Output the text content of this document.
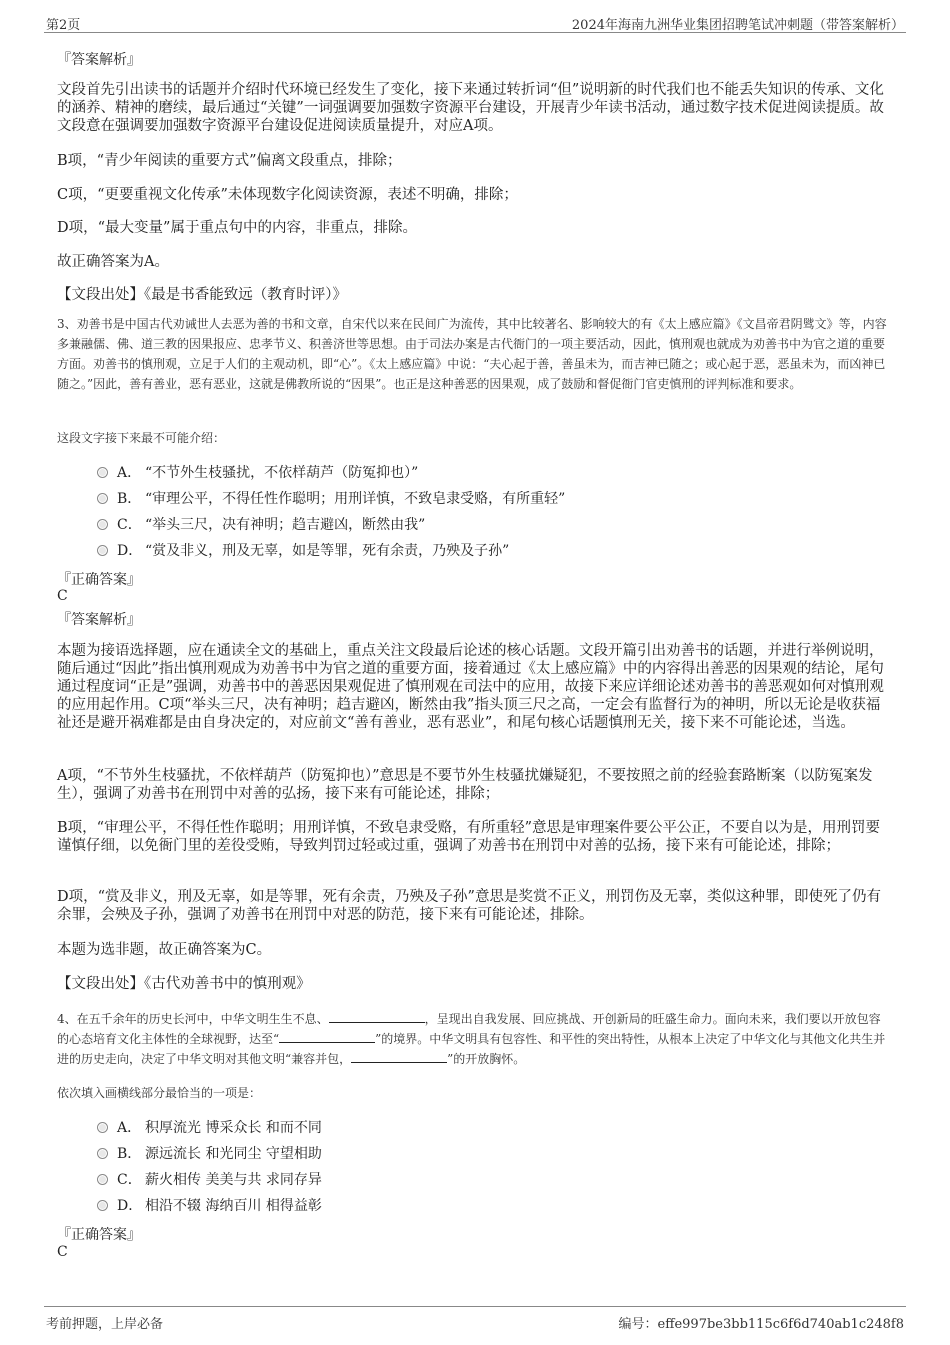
第2页	2024年海南九洲华业集团招聘笔试冲刺题（带答案解析）
『答案解析』
文段首先引出读书的话题并介绍时代环境已经发生了变化，接下来通过转折词“但”说明新的时代我们也不能丢失知识的传承、文化的涵养、精神的磨续，最后通过“关键”一词强调要加强数字资源平台建设，开展青少年读书活动，通过数字技术促进阅读提质。故文段意在强调要加强数字资源平台建设促进阅读质量提升，对应A项。
B项，“青少年阅读的重要方式”偏离文段重点，排除；
C项，“更要重视文化传承”未体现数字化阅读资源，表述不明确，排除；
D项，“最大变量”属于重点句中的内容，非重点，排除。
故正确答案为A。
【文段出处】《最是书香能致远（教育时评）》
3、劝善书是中国古代劝诫世人去恶为善的书和文章，自宋代以来在民间广为流传，其中比较著名、影响较大的有《太上感应篇》《文昌帝君阴骘文》等，内容多兼融儒、佛、道三教的因果报应、忠孝节义、积善济世等思想。由于司法办案是古代衙门的一项主要活动，因此，慎刑观也就成为劝善书中为官之道的重要方面。劝善书的慎刑观，立足于人们的主观动机，即“心”。《太上感应篇》中说：“夫心起于善，善虽未为，而吉神已随之；或心起于恶，恶虽未为，而凶神已随之。”因此，善有善业，恶有恶业，这就是佛教所说的“因果”。也正是这种善恶的因果观，成了鼓励和督促衙门官吏慎刑的评判标准和要求。
这段文字接下来最不可能介绍：
A． “不节外生枝骚扰，不依样葫芦（防冤抑也）”
B． “审理公平，不得任性作聪明；用刑详慎，不致皂隶受赂，有所重轻”
C． “举头三尺，决有神明；趋吉避凶，断然由我”
D． “赏及非义，刑及无辜，如是等罪，死有余责，乃殃及子孙”
『正确答案』
C
『答案解析』
本题为接语选择题，应在通读全文的基础上，重点关注文段最后论述的核心话题。文段开篇引出劝善书的话题，并进行举例说明，随后通过“因此”指出慎刑观成为劝善书中为官之道的重要方面，接着通过《太上感应篇》中的内容得出善恶的因果观的结论，尾句通过程度词“正是”强调，劝善书中的善恶因果观促进了慎刑观在司法中的应用，故接下来应详细论述劝善书的善恶观如何对慎刑观的应用起作用。C项“举头三尺，决有神明；趋吉避凶，断然由我”指头顶三尺之高，一定会有监督行为的神明，所以无论是收获福祉还是避开祸难都是由自身决定的，对应前文“善有善业，恶有恶业”，和尾句核心话题慎刑无关，接下来不可能论述，当选。
A项，“不节外生枝骚扰，不依样葫芦（防冤抑也）”意思是不要节外生枝骚扰嫌疑犯，不要按照之前的经验套路断案（以防冤案发生），强调了劝善书在刑罚中对善的弘扬，接下来有可能论述，排除；
B项，“审理公平，不得任性作聪明；用刑详慎，不致皂隶受赂，有所重轻”意思是审理案件要公平公正，不要自以为是，用刑罚要谨慎仔细，以免衙门里的差役受贿，导致判罚过轻或过重，强调了劝善书在刑罚中对善的弘扬，接下来有可能论述，排除；
D项，“赏及非义，刑及无辜，如是等罪，死有余责，乃殃及子孙”意思是奖赏不正义，刑罚伤及无辜，类似这种罪，即使死了仍有余罪，会殃及子孙，强调了劝善书在刑罚中对恶的防范，接下来有可能论述，排除。
本题为选非题，故正确答案为C。
【文段出处】《古代劝善书中的慎刑观》
4、在五千余年的历史长河中，中华文明生生不息、	，呈现出自我发展、回应挑战、开创新局的旺盛生命力。面向未来，我们要以开放包容的心态培育文化主体性的全球视野，达至“	”的境界。中华文明具有包容性、和平性的突出特性，从根本上决定了中华文化与其他文化共生并进的历史走向，决定了中华文明对其他文明“兼容并包，	”的开放胸怀。
依次填入画横线部分最恰当的一项是：
A． 积厚流光 博采众长 和而不同
B． 源远流长 和光同尘 守望相助
C． 薪火相传 美美与共 求同存异
D． 相沿不辍 海纳百川 相得益彰
『正确答案』
C
考前押题，上岸必备	编号：effe997be3bb115c6f6d740ab1c248f8
